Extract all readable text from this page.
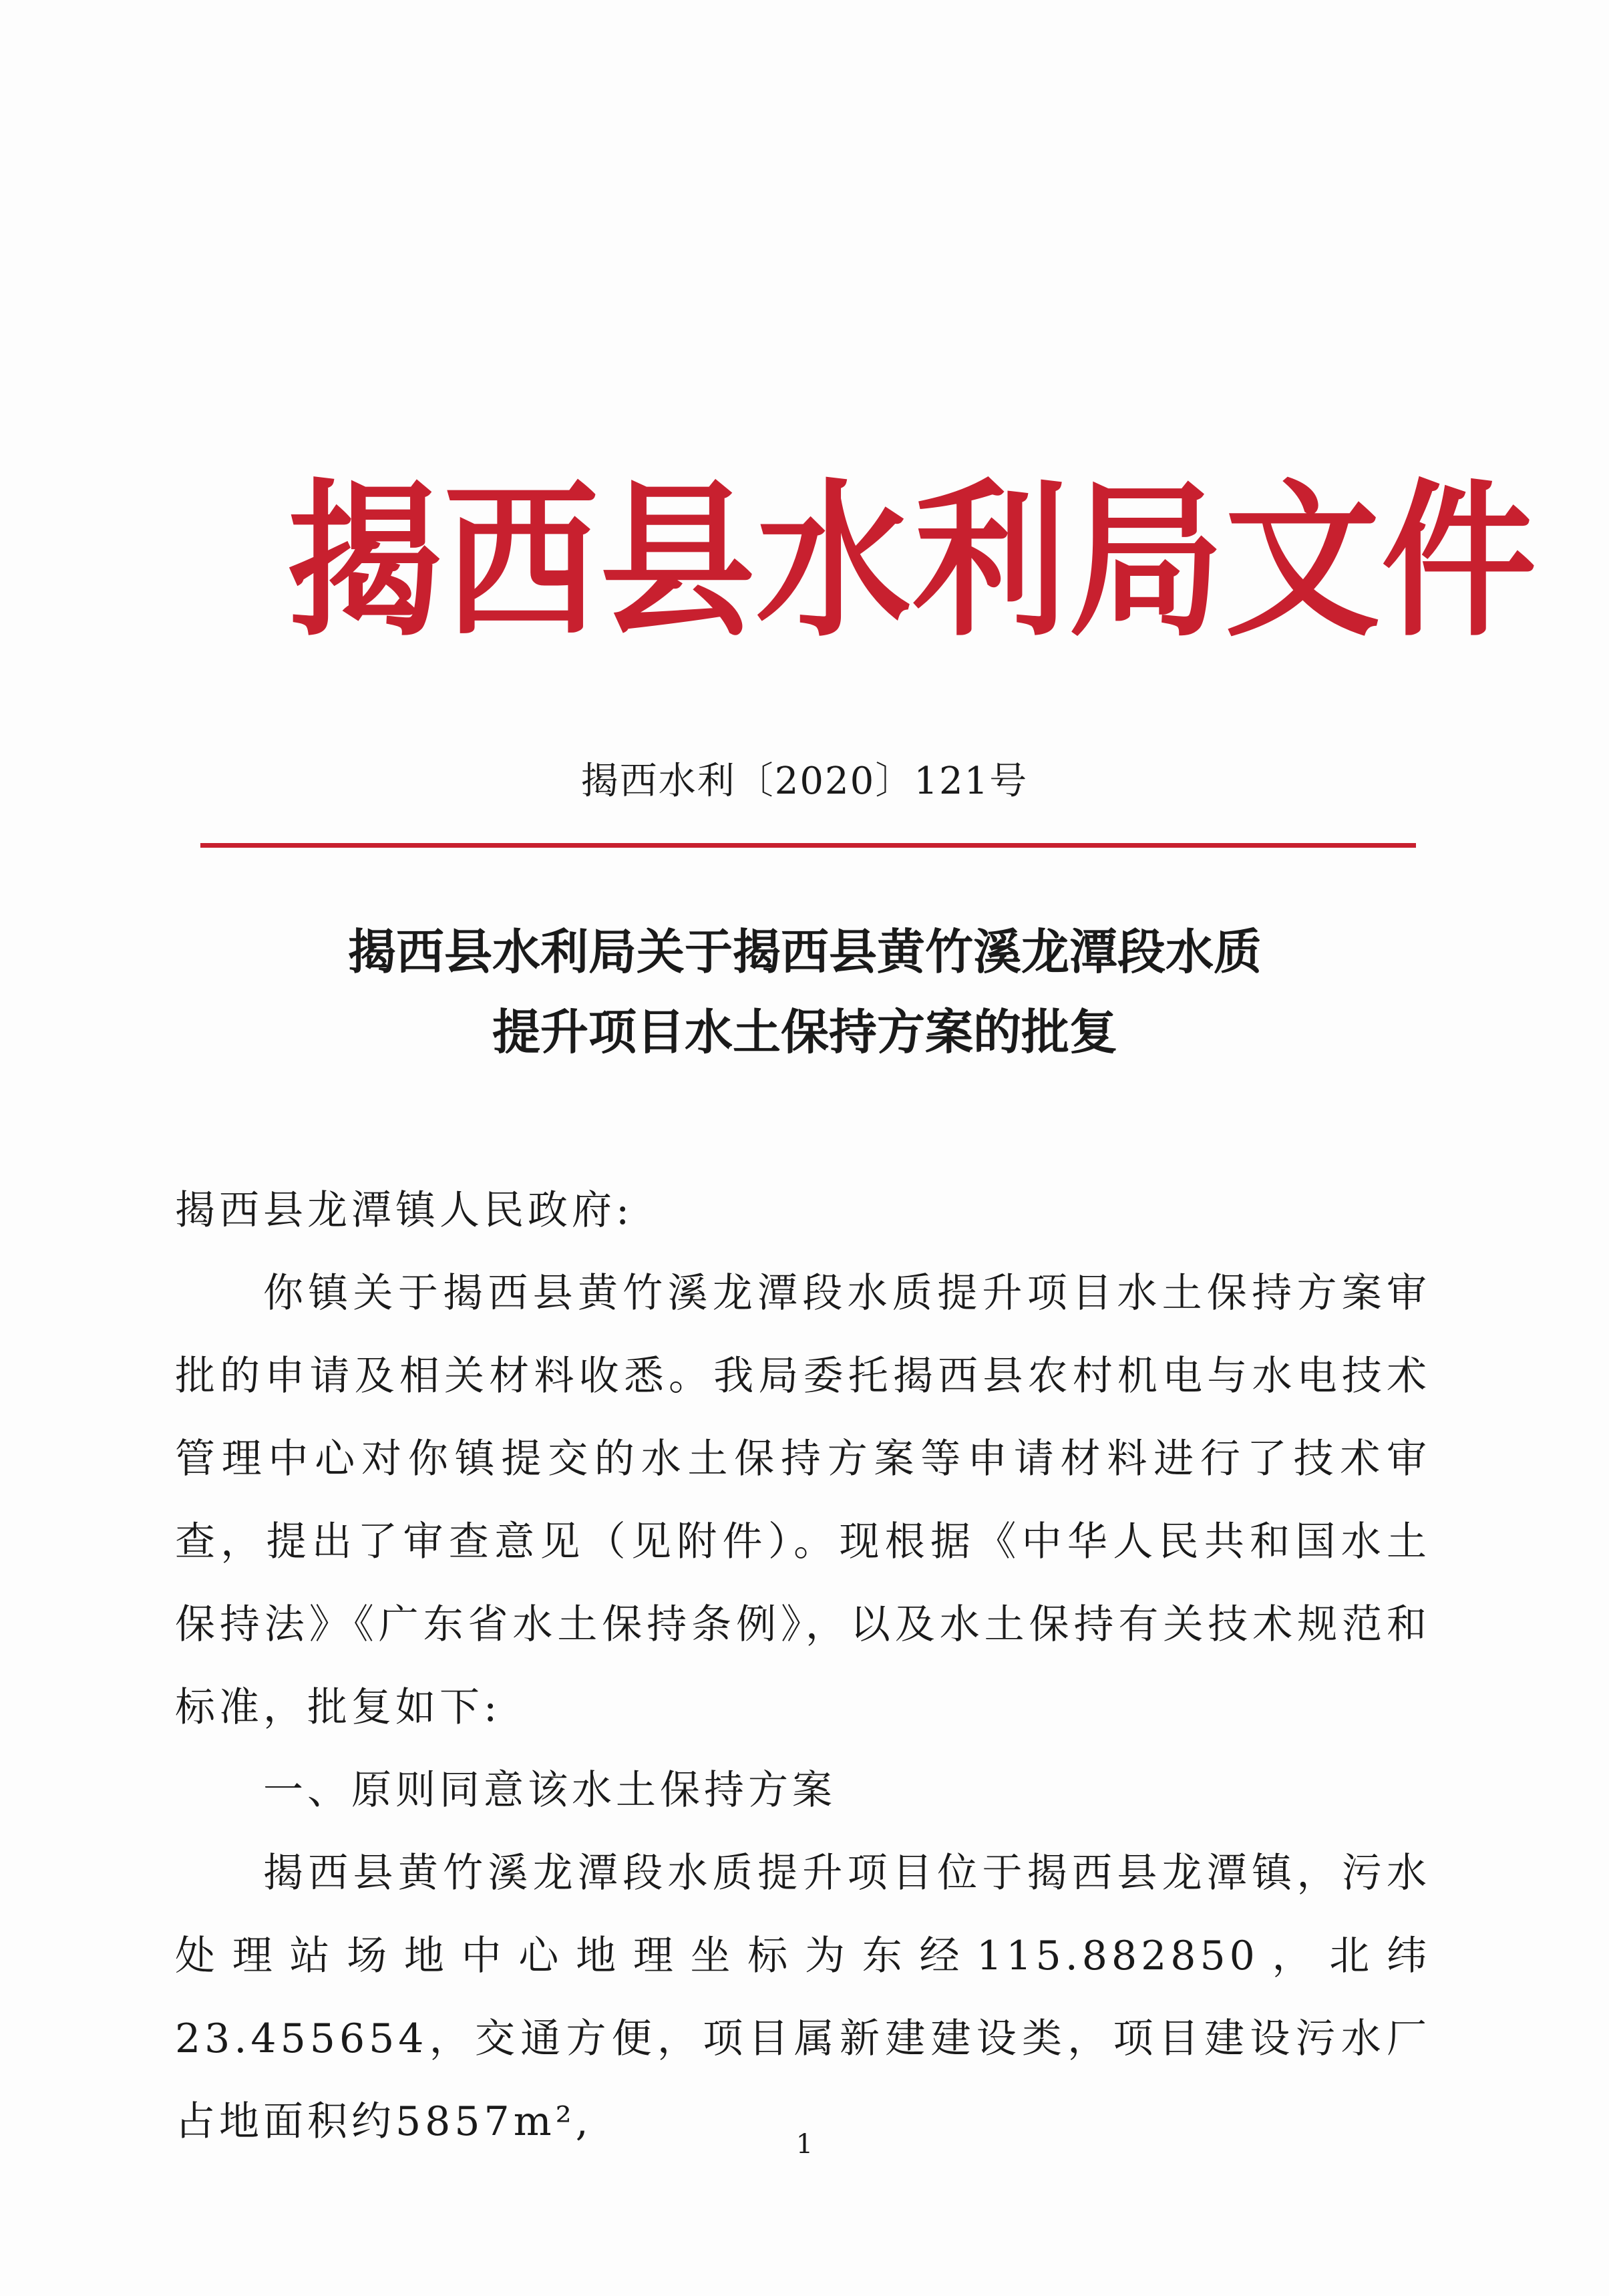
揭西县水利局文件
揭西水利〔2020〕121号
揭西县水利局关于揭西县黄竹溪龙潭段水质
提升项目水土保持方案的批复

揭西县龙潭镇人民政府:

你镇关于揭西县黄竹溪龙潭段水质提升项目水土保持方案审批的申请及相关材料收悉。我局委托揭西县农村机电与水电技术管理中心对你镇提交的水土保持方案等申请材料进行了技术审查，提出了审查意见（见附件）。现根据《中华人民共和国水土保持法》《广东省水土保持条例》，以及水土保持有关技术规范和标准，批复如下:

一、原则同意该水土保持方案

揭西县黄竹溪龙潭段水质提升项目位于揭西县龙潭镇，污水处理站场地中心地理坐标为东经115.882850，北纬23.455654，交通方便，项目属新建建设类，项目建设污水厂占地面积约5857m²,	1
